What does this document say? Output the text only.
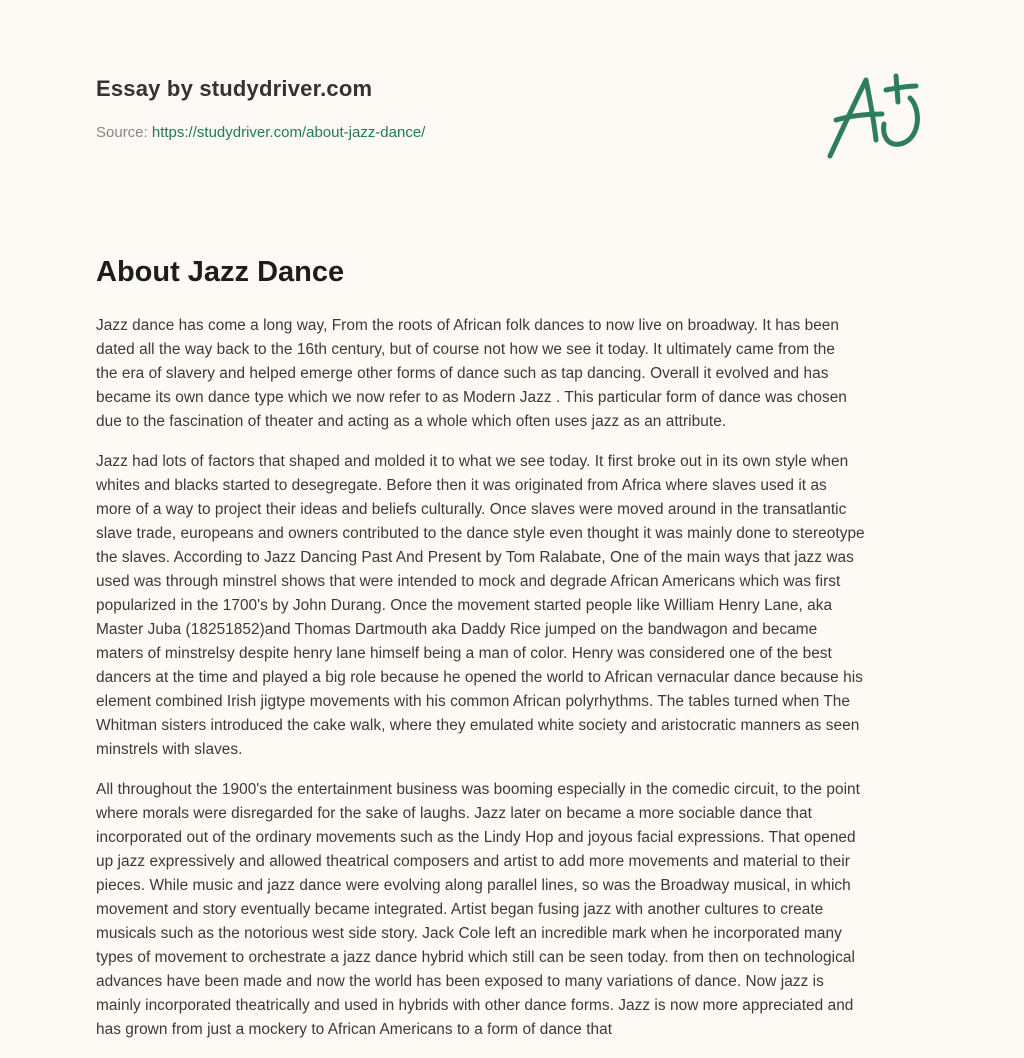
Essay by studydriver.com
Source: https://studydriver.com/about-jazz-dance/
About Jazz Dance

Jazz dance has come a long way, From the roots of African folk dances to now live on broadway. It has been
dated all the way back to the 16th century, but of course not how we see it today. It ultimately came from the
the era of slavery and helped emerge other forms of dance such as tap dancing. Overall it evolved and has
became its own dance type which we now refer to as Modern Jazz . This particular form of dance was chosen
due to the fascination of theater and acting as a whole which often uses jazz as an attribute.

Jazz had lots of factors that shaped and molded it to what we see today. It first broke out in its own style when
whites and blacks started to desegregate. Before then it was originated from Africa where slaves used it as
more of a way to project their ideas and beliefs culturally. Once slaves were moved around in the transatlantic
slave trade, europeans and owners contributed to the dance style even thought it was mainly done to stereotype
the slaves. According to Jazz Dancing Past And Present by Tom Ralabate, One of the main ways that jazz was
used was through minstrel shows that were intended to mock and degrade African Americans which was first
popularized in the 1700's by John Durang. Once the movement started people like William Henry Lane, aka
Master Juba (18251852)and Thomas Dartmouth aka Daddy Rice jumped on the bandwagon and became
maters of minstrelsy despite henry lane himself being a man of color. Henry was considered one of the best
dancers at the time and played a big role because he opened the world to African vernacular dance because his
element combined Irish jigtype movements with his common African polyrhythms. The tables turned when The
Whitman sisters introduced the cake walk, where they emulated white society and aristocratic manners as seen
minstrels with slaves.

All throughout the 1900's the entertainment business was booming especially in the comedic circuit, to the point
where morals were disregarded for the sake of laughs. Jazz later on became a more sociable dance that
incorporated out of the ordinary movements such as the Lindy Hop and joyous facial expressions. That opened
up jazz expressively and allowed theatrical composers and artist to add more movements and material to their
pieces. While music and jazz dance were evolving along parallel lines, so was the Broadway musical, in which
movement and story eventually became integrated. Artist began fusing jazz with another cultures to create
musicals such as the notorious west side story. Jack Cole left an incredible mark when he incorporated many
types of movement to orchestrate a jazz dance hybrid which still can be seen today. from then on technological
advances have been made and now the world has been exposed to many variations of dance. Now jazz is
mainly incorporated theatrically and used in hybrids with other dance forms. Jazz is now more appreciated and
has grown from just a mockery to African Americans to a form of dance that
